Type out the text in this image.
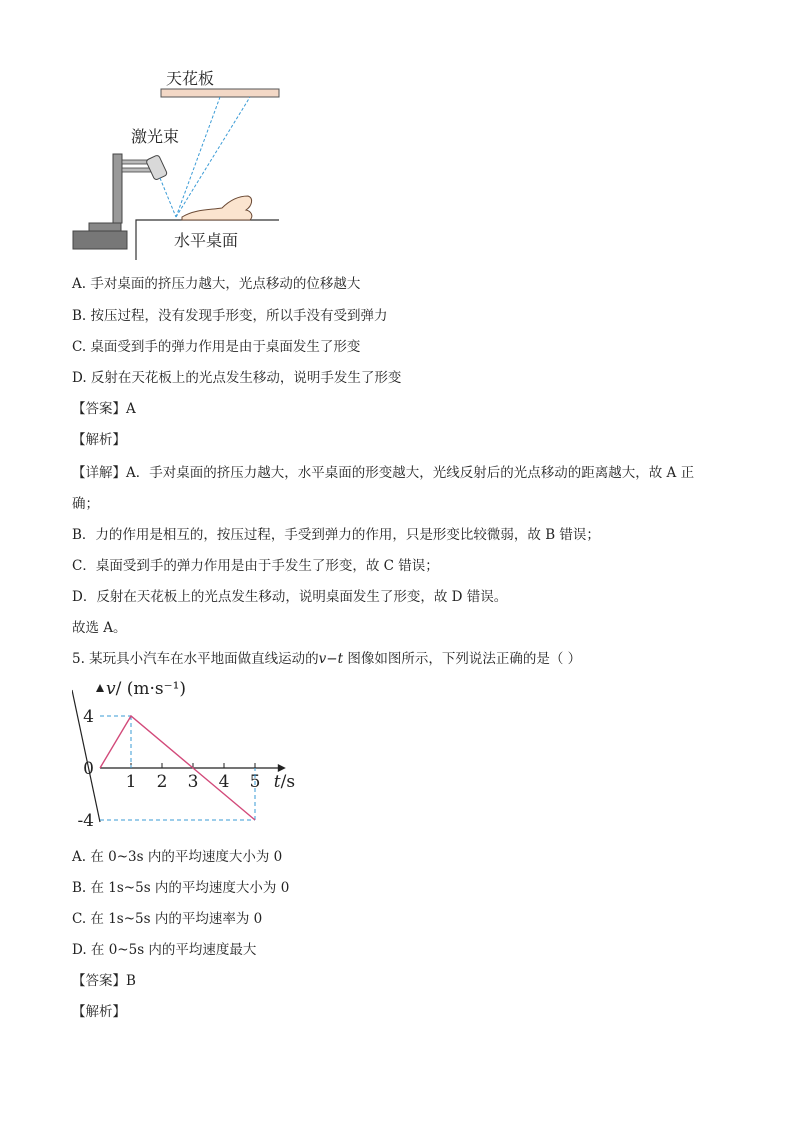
天花板
激光束
水平桌面
A. 手对桌面的挤压力越大，光点移动的位移越大
B. 按压过程，没有发现手形变，所以手没有受到弹力
C. 桌面受到手的弹力作用是由于桌面发生了形变
D. 反射在天花板上的光点发生移动，说明手发生了形变
【答案】A
【解析】
【详解】A．手对桌面的挤压力越大，水平桌面的形变越大，光线反射后的光点移动的距离越大，故 A 正
确；
B．力的作用是相互的，按压过程，手受到弹力的作用，只是形变比较微弱，故 B 错误；
C．桌面受到手的弹力作用是由于手发生了形变，故 C 错误；
D．反射在天花板上的光点发生移动，说明桌面发生了形变，故 D 错误。
故选 A。
5. 某玩具小汽车在水平地面做直线运动的v−t 图像如图所示，下列说法正确的是（ ）
v/ (m·s⁻¹)
t/s
1 2 3 4 5
4
0
-4
A. 在 0~3s 内的平均速度大小为 0
B. 在 1s~5s 内的平均速度大小为 0
C. 在 1s~5s 内的平均速率为 0
D. 在 0~5s 内的平均速度最大
【答案】B
【解析】
